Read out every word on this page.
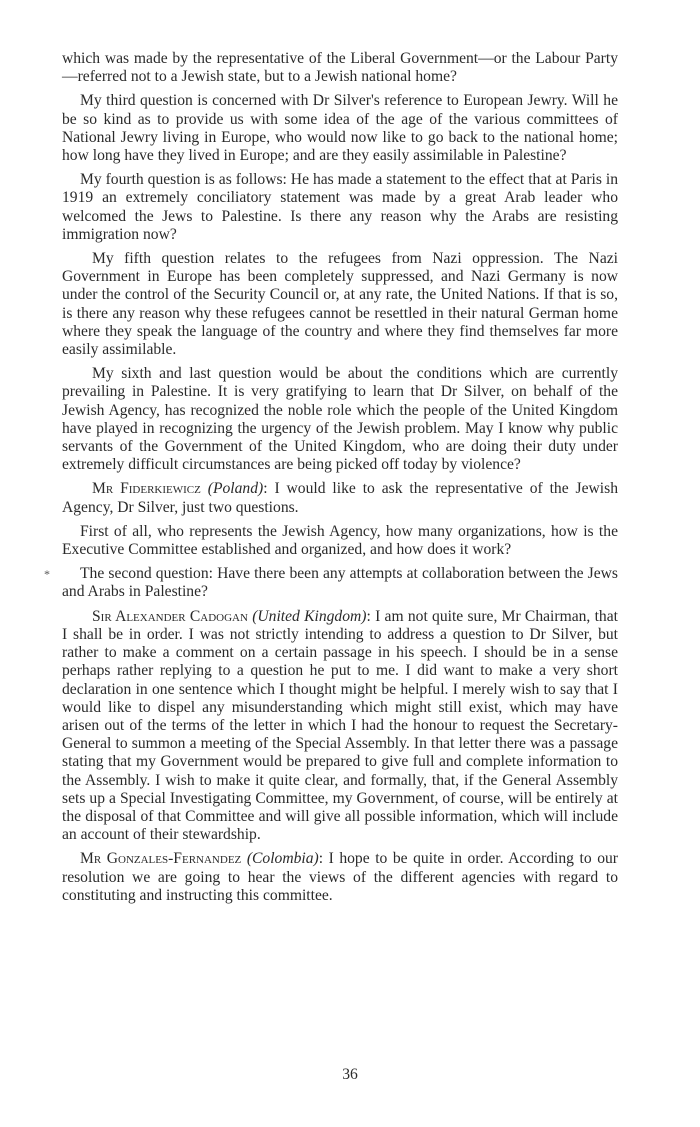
which was made by the representative of the Liberal Government—or the Labour Party—referred not to a Jewish state, but to a Jewish national home?

My third question is concerned with Dr Silver's reference to European Jewry. Will he be so kind as to provide us with some idea of the age of the various committees of National Jewry living in Europe, who would now like to go back to the national home; how long have they lived in Europe; and are they easily assimilable in Palestine?

My fourth question is as follows: He has made a statement to the effect that at Paris in 1919 an extremely conciliatory statement was made by a great Arab leader who welcomed the Jews to Palestine. Is there any reason why the Arabs are resisting immigration now?

My fifth question relates to the refugees from Nazi oppression. The Nazi Government in Europe has been completely suppressed, and Nazi Germany is now under the control of the Security Council or, at any rate, the United Nations. If that is so, is there any reason why these refugees cannot be resettled in their natural German home where they speak the language of the country and where they find themselves far more easily assimilable.

My sixth and last question would be about the conditions which are currently prevailing in Palestine. It is very gratifying to learn that Dr Silver, on behalf of the Jewish Agency, has recognized the noble role which the people of the United Kingdom have played in recognizing the urgency of the Jewish problem. May I know why public servants of the Government of the United Kingdom, who are doing their duty under extremely difficult circumstances are being picked off today by violence?

Mr Fiderkiewicz (Poland): I would like to ask the representative of the Jewish Agency, Dr Silver, just two questions.

First of all, who represents the Jewish Agency, how many organizations, how is the Executive Committee established and organized, and how does it work?

The second question: Have there been any attempts at collaboration between the Jews and Arabs in Palestine?

Sir Alexander Cadogan (United Kingdom): I am not quite sure, Mr Chairman, that I shall be in order. I was not strictly intending to address a question to Dr Silver, but rather to make a comment on a certain passage in his speech. I should be in a sense perhaps rather replying to a question he put to me. I did want to make a very short declaration in one sentence which I thought might be helpful. I merely wish to say that I would like to dispel any misunderstanding which might still exist, which may have arisen out of the terms of the letter in which I had the honour to request the Secretary-General to summon a meeting of the Special Assembly. In that letter there was a passage stating that my Government would be prepared to give full and complete information to the Assembly. I wish to make it quite clear, and formally, that, if the General Assembly sets up a Special Investigating Committee, my Government, of course, will be entirely at the disposal of that Committee and will give all possible information, which will include an account of their stewardship.

Mr Gonzales-Fernandez (Colombia): I hope to be quite in order. According to our resolution we are going to hear the views of the different agencies with regard to constituting and instructing this committee.

*
36
